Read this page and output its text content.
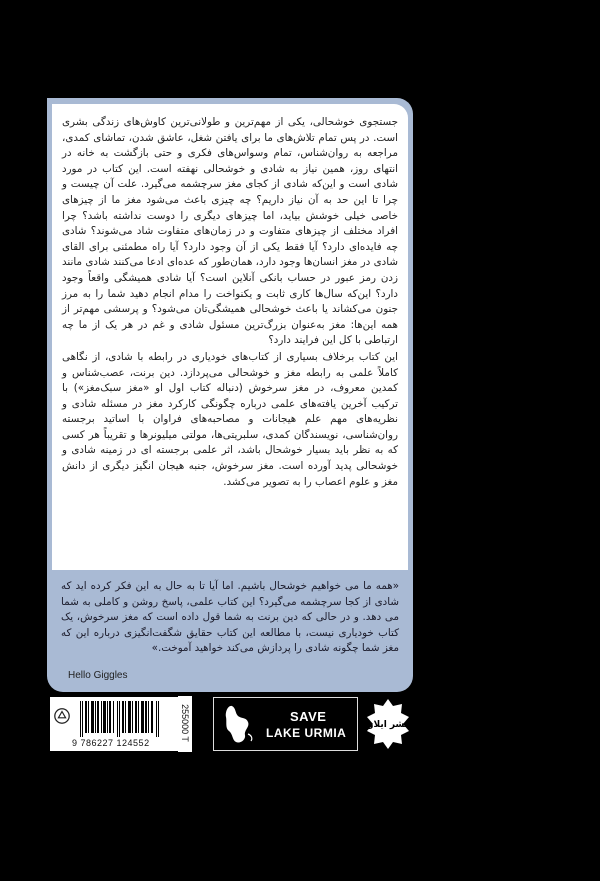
جستجوی خوشحالی، یکی از مهم‌ترین و طولانی‌ترین کاوش‌های زندگی بشری است. در پس تمام تلاش‌های ما برای یافتن شغل، عاشق شدن، تماشای کمدی، مراجعه به روان‌شناس، تمام وسواس‌های فکری و حتی بازگشت به خانه در انتهای روز، همین نیاز به شادی و خوشحالی نهفته است. این کتاب در مورد شادی است و این‌که شادی از کجای مغز سرچشمه می‌گیرد. علت آن چیست و چرا تا این حد به آن نیاز داریم؟ چه چیزی باعث می‌شود مغز ما از چیزهای خاصی خیلی خوشش بیاید، اما چیزهای دیگری را دوست نداشته باشد؟ چرا افراد مختلف از چیزهای متفاوت و در زمان‌های متفاوت شاد می‌شوند؟ شادی چه فایده‌ای دارد؟ آیا فقط یکی از آن وجود دارد؟ آیا راه مطمئنی برای القای شادی در مغز انسان‌ها وجود دارد، همان‌طور که عده‌ای ادعا می‌کنند شادی مانند زدن رمز عبور در حساب بانکی آنلاین است؟ آیا شادی همیشگی واقعاً وجود دارد؟ این‌که سال‌ها کاری ثابت و یکنواخت را مدام انجام دهید شما را به مرز جنون می‌کشاند یا باعث خوشحالی همیشگی‌تان می‌شود؟ و پرسشی مهم‌تر از همه این‌ها: مغز به‌عنوان بزرگ‌ترین مسئول شادی و غم در هر یک از ما چه ارتباطی با کل این فرایند دارد؟

این کتاب برخلاف بسیاری از کتاب‌های خودیاری در رابطه با شادی، از نگاهی کاملاً علمی به رابطه مغز و خوشحالی می‌پردازد. دین برنت، عصب‌شناس و کمدین معروف، در مغز سرخوش (دنباله کتاب اول او «مغز سبک‌مغز») با ترکیب آخرین یافته‌های علمی درباره چگونگی کارکرد مغز در مسئله شادی و نظریه‌های مهم علم هیجانات و مصاحبه‌های فراوان با اساتید برجسته روان‌شناسی، نویسندگان کمدی، سلبریتی‌ها، مولتی میلیونرها و تقریباً هر کسی که به نظر باید بسیار خوشحال باشد، اثر علمی برجسته ای در زمینه شادی و خوشحالی پدید آورده است. مغز سرخوش، جنبه هیجان انگیز دیگری از دانش مغز و علوم اعصاب را به تصویر می‌کشد.

«همه ما می خواهیم خوشحال باشیم. اما آیا تا به حال به این فکر کرده اید که شادی از کجا سرچشمه می‌گیرد؟ این کتاب علمی، پاسخ روشن و کاملی به شما می دهد. و در حالی که دین برنت به شما قول داده است که مغز سرخوش، یک کتاب خودیاری نیست، با مطالعه این کتاب حقایق شگفت‌انگیزی درباره این که مغز شما چگونه شادی را پردازش می‌کند خواهید آموخت.»
Hello Giggles
9 786227 124552
255000 T	SAVE
LAKE URMIA
نشر ایلاو
